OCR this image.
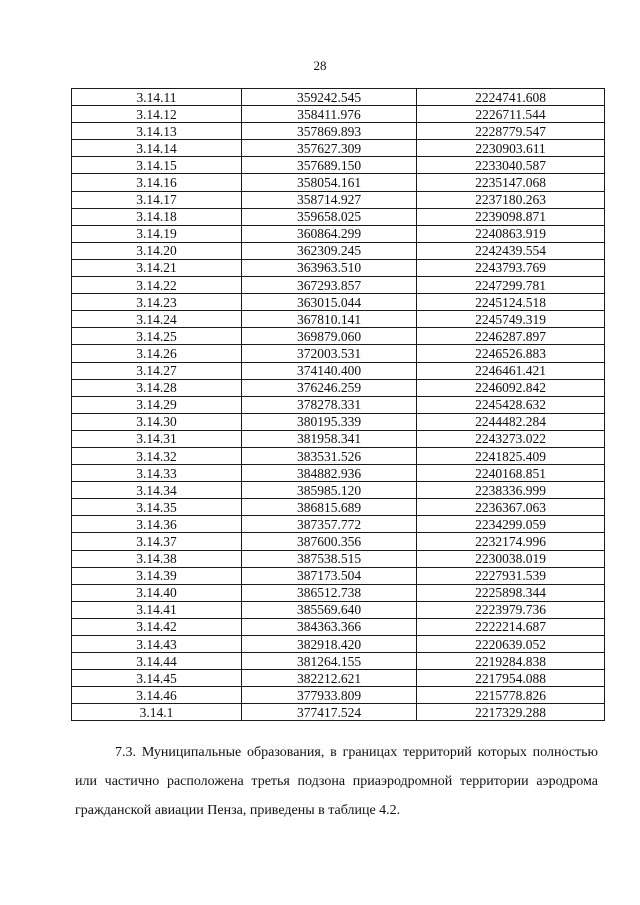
28
3.14.11	359242.545	2224741.608
3.14.12	358411.976	2226711.544
3.14.13	357869.893	2228779.547
3.14.14	357627.309	2230903.611
3.14.15	357689.150	2233040.587
3.14.16	358054.161	2235147.068
3.14.17	358714.927	2237180.263
3.14.18	359658.025	2239098.871
3.14.19	360864.299	2240863.919
3.14.20	362309.245	2242439.554
3.14.21	363963.510	2243793.769
3.14.22	367293.857	2247299.781
3.14.23	363015.044	2245124.518
3.14.24	367810.141	2245749.319
3.14.25	369879.060	2246287.897
3.14.26	372003.531	2246526.883
3.14.27	374140.400	2246461.421
3.14.28	376246.259	2246092.842
3.14.29	378278.331	2245428.632
3.14.30	380195.339	2244482.284
3.14.31	381958.341	2243273.022
3.14.32	383531.526	2241825.409
3.14.33	384882.936	2240168.851
3.14.34	385985.120	2238336.999
3.14.35	386815.689	2236367.063
3.14.36	387357.772	2234299.059
3.14.37	387600.356	2232174.996
3.14.38	387538.515	2230038.019
3.14.39	387173.504	2227931.539
3.14.40	386512.738	2225898.344
3.14.41	385569.640	2223979.736
3.14.42	384363.366	2222214.687
3.14.43	382918.420	2220639.052
3.14.44	381264.155	2219284.838
3.14.45	382212.621	2217954.088
3.14.46	377933.809	2215778.826
3.14.1	377417.524	2217329.288
7.3. Муниципальные образования, в границах территорий которых полностью или частично расположена третья подзона приаэродромной территории аэродрома гражданской авиации Пенза, приведены в таблице 4.2.
